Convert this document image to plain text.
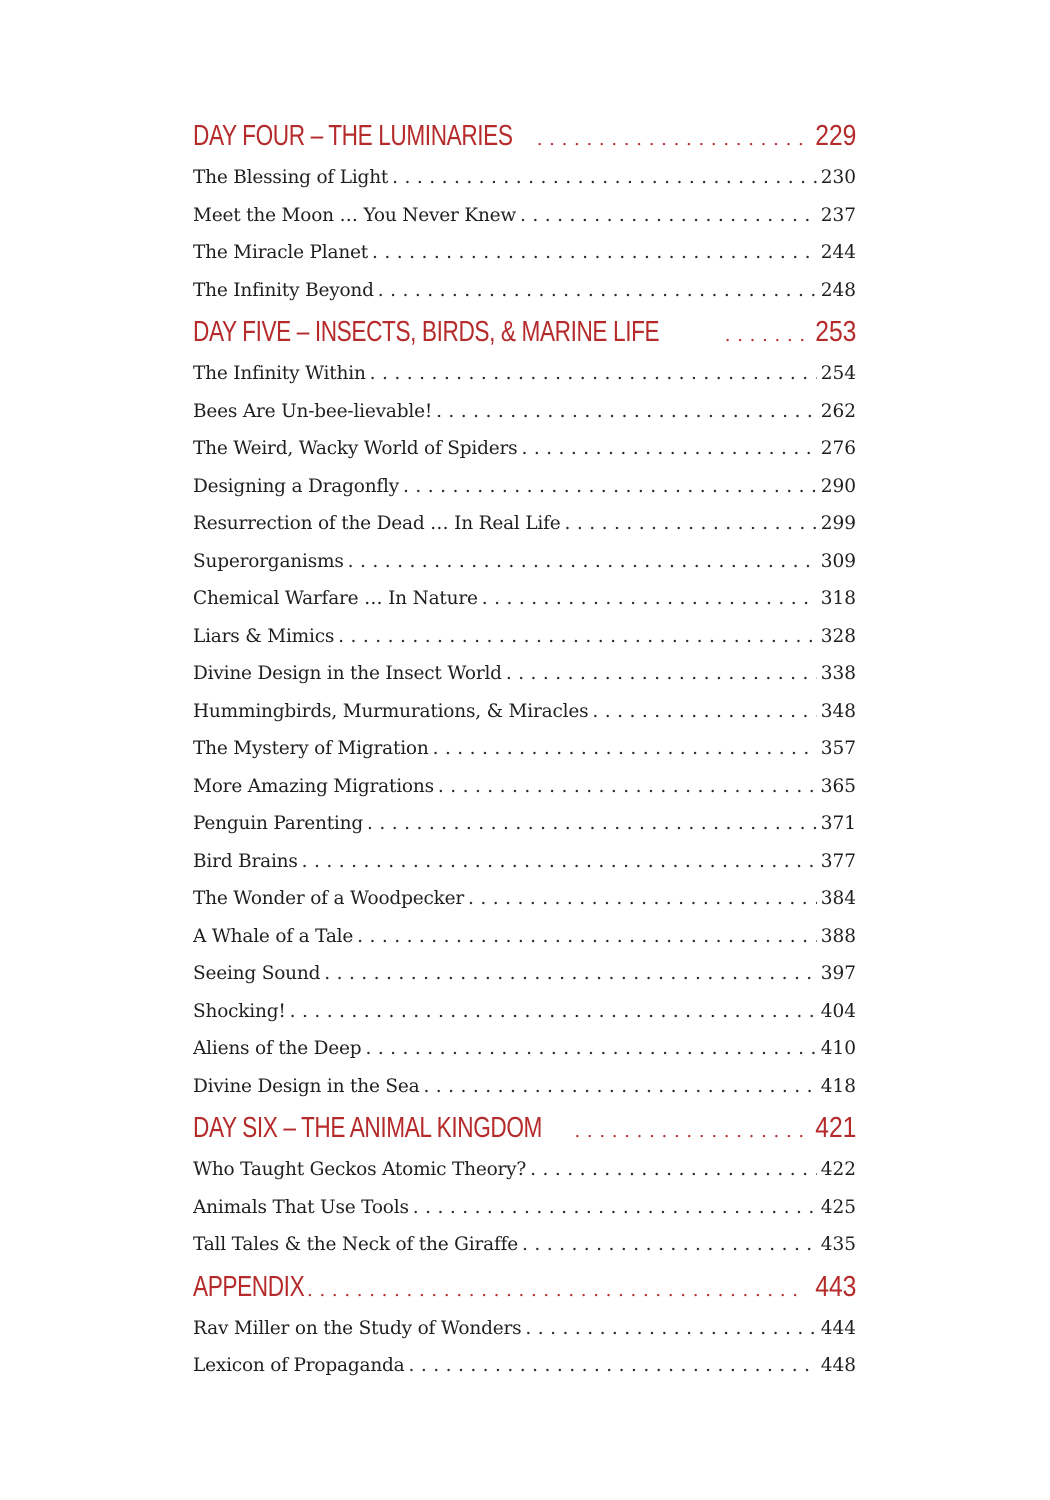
DAY FOUR – THE LUMINARIES . . .	229
The Blessing of Light . . .	230
Meet the Moon … You Never Knew . . .	237
The Miracle Planet . . .	244
The Infinity Beyond . . .	248
DAY FIVE – INSECTS, BIRDS, & MARINE LIFE . . .	253
The Infinity Within . . .	254
Bees Are Un-bee-lievable! . . .	262
The Weird, Wacky World of Spiders . . .	276
Designing a Dragonfly . . .	290
Resurrection of the Dead … In Real Life . . .	299
Superorganisms . . .	309
Chemical Warfare … In Nature . . .	318
Liars & Mimics . . .	328
Divine Design in the Insect World . . .	338
Hummingbirds, Murmurations, & Miracles . . .	348
The Mystery of Migration . . .	357
More Amazing Migrations . . .	365
Penguin Parenting . . .	371
Bird Brains . . .	377
The Wonder of a Woodpecker . . .	384
A Whale of a Tale . . .	388
Seeing Sound . . .	397
Shocking! . . .	404
Aliens of the Deep . . .	410
Divine Design in the Sea . . .	418
DAY SIX – THE ANIMAL KINGDOM . . .	421
Who Taught Geckos Atomic Theory? . . .	422
Animals That Use Tools . . .	425
Tall Tales & the Neck of the Giraffe . . .	435
APPENDIX . . .	443
Rav Miller on the Study of Wonders . . .	444
Lexicon of Propaganda . . .	448
